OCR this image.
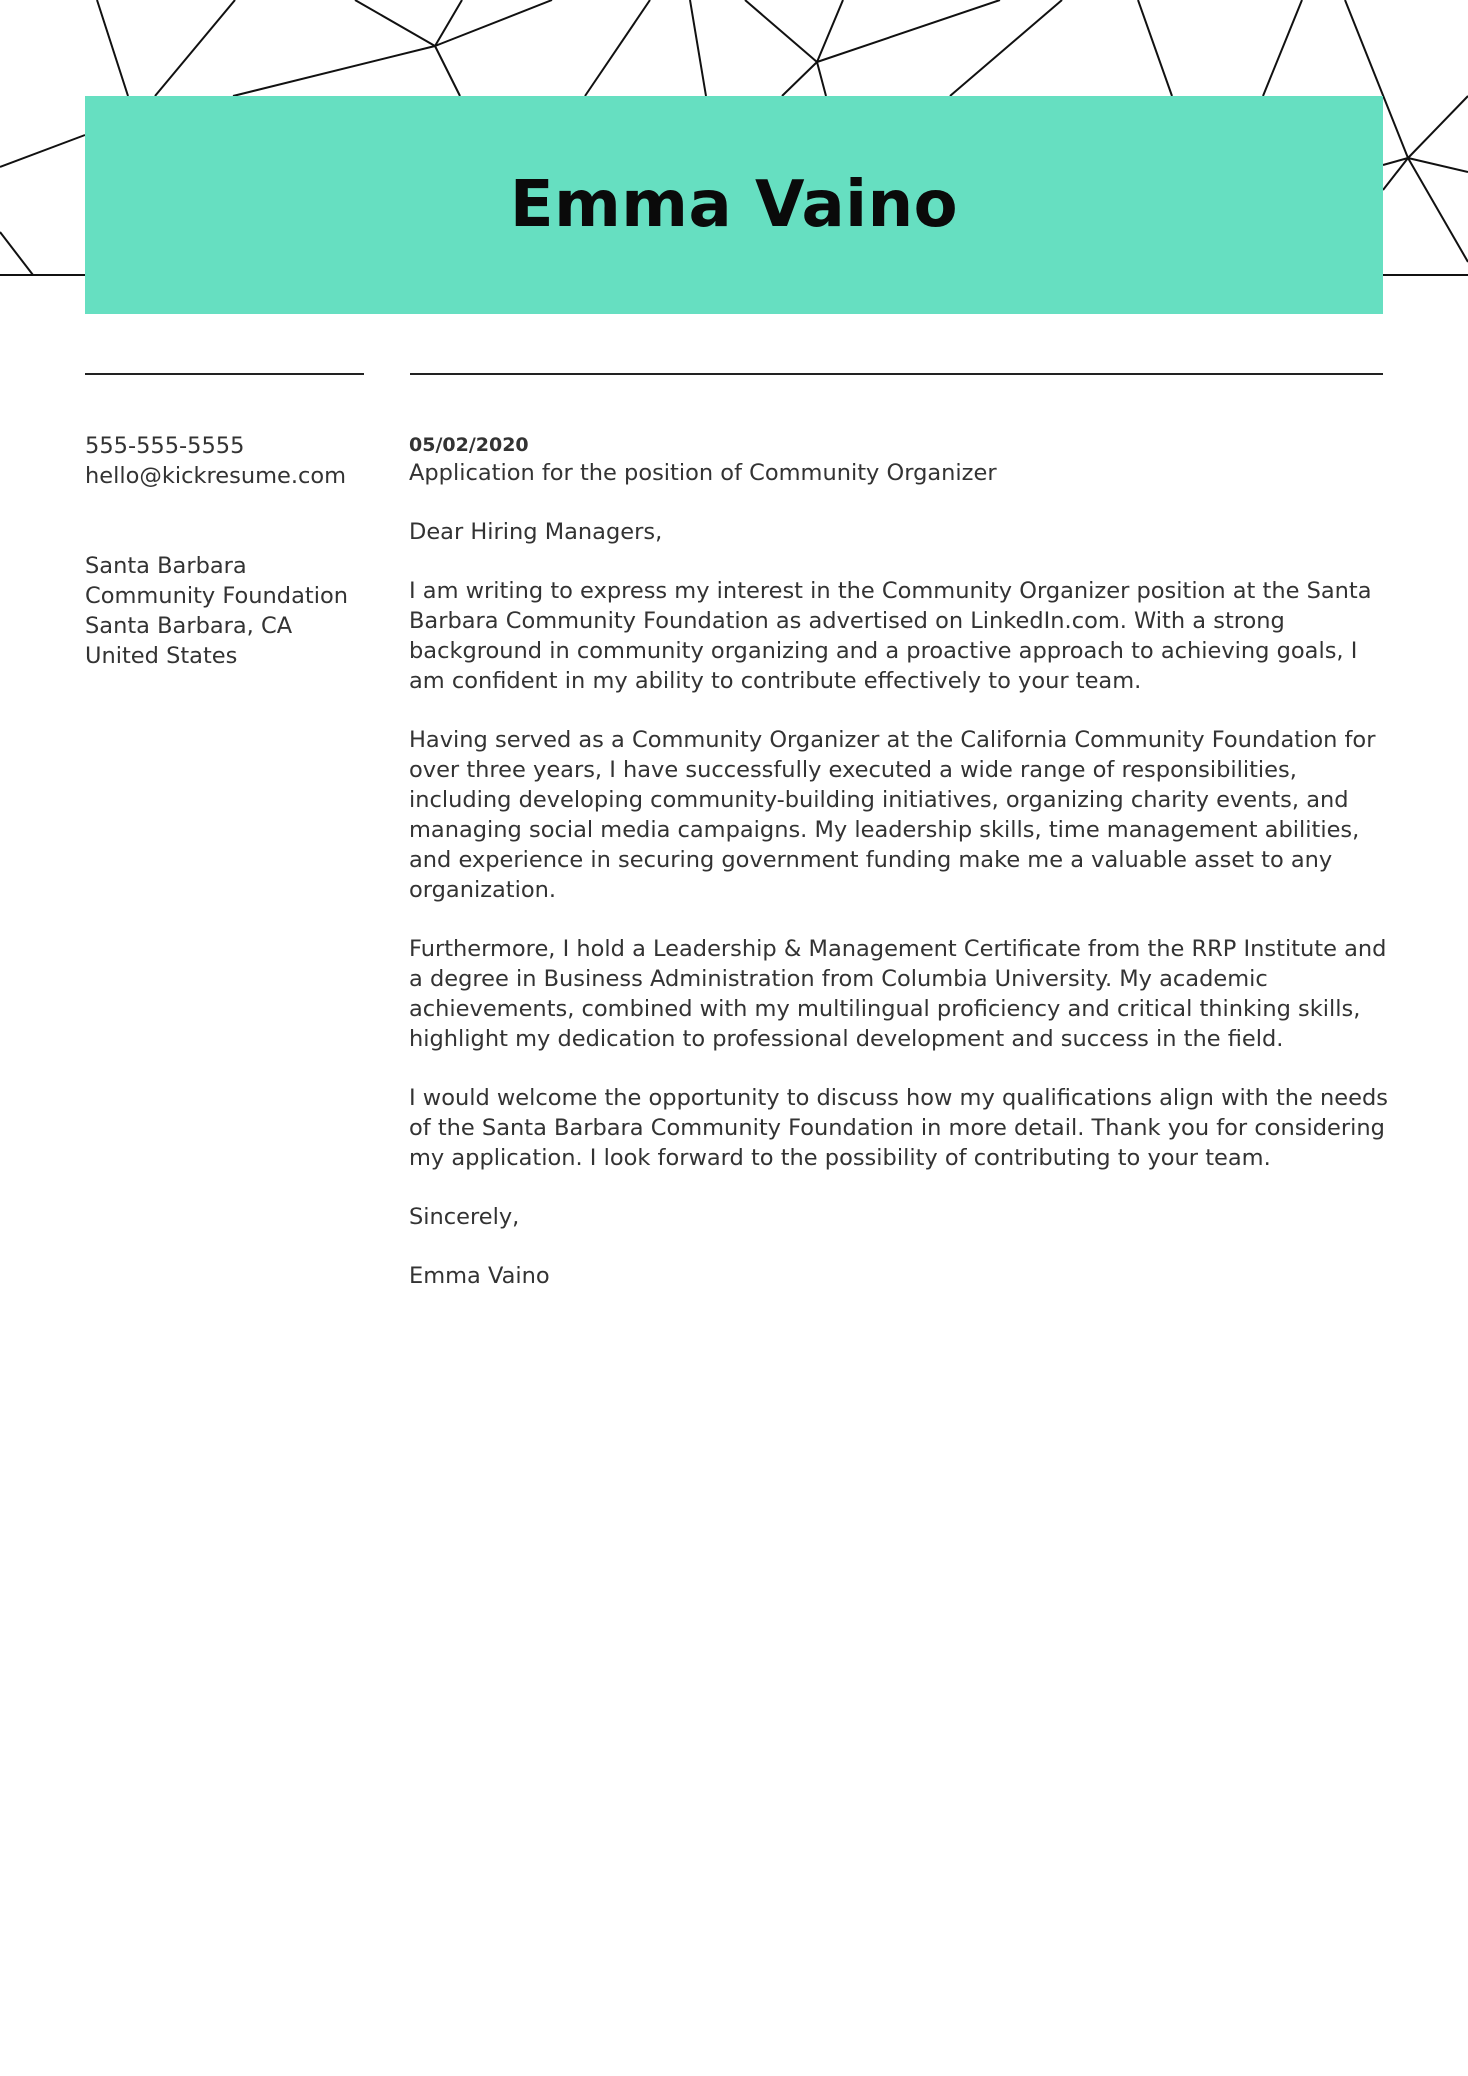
Emma Vaino
555-555-5555
hello@kickresume.com
Santa Barbara
Community Foundation
Santa Barbara, CA
United States
05/02/2020
Application for the position of Community Organizer

Dear Hiring Managers,

I am writing to express my interest in the Community Organizer position at the Santa Barbara Community Foundation as advertised on LinkedIn.com. With a strong background in community organizing and a proactive approach to achieving goals, I am confident in my ability to contribute effectively to your team.

Having served as a Community Organizer at the California Community Foundation for over three years, I have successfully executed a wide range of responsibilities, including developing community-building initiatives, organizing charity events, and managing social media campaigns. My leadership skills, time management abilities, and experience in securing government funding make me a valuable asset to any organization.

Furthermore, I hold a Leadership & Management Certificate from the RRP Institute and a degree in Business Administration from Columbia University. My academic achievements, combined with my multilingual proficiency and critical thinking skills, highlight my dedication to professional development and success in the field.

I would welcome the opportunity to discuss how my qualifications align with the needs of the Santa Barbara Community Foundation in more detail. Thank you for considering my application. I look forward to the possibility of contributing to your team.

Sincerely,

Emma Vaino
